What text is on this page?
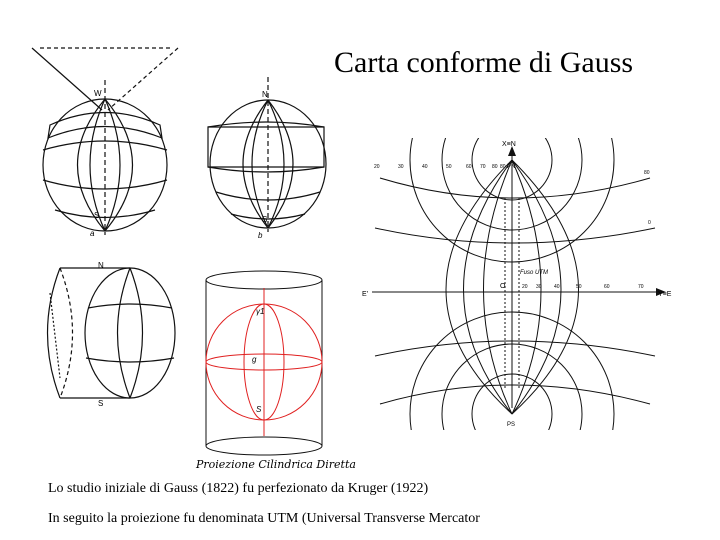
Carta conforme di Gauss
W
S
a
N
S
b
N
S
γ1
g
S
Proiezione Cilindrica Diretta
X≡N
PN
PS
E'	Y≡E
O
Fuso UTM
20	30	40	50	60 70 80 80
80
0
20 30 40	50	60	70
Lo studio iniziale di Gauss (1822) fu perfezionato da Kruger (1922)
In seguito la proiezione fu denominata UTM (Universal Transverse Mercator
